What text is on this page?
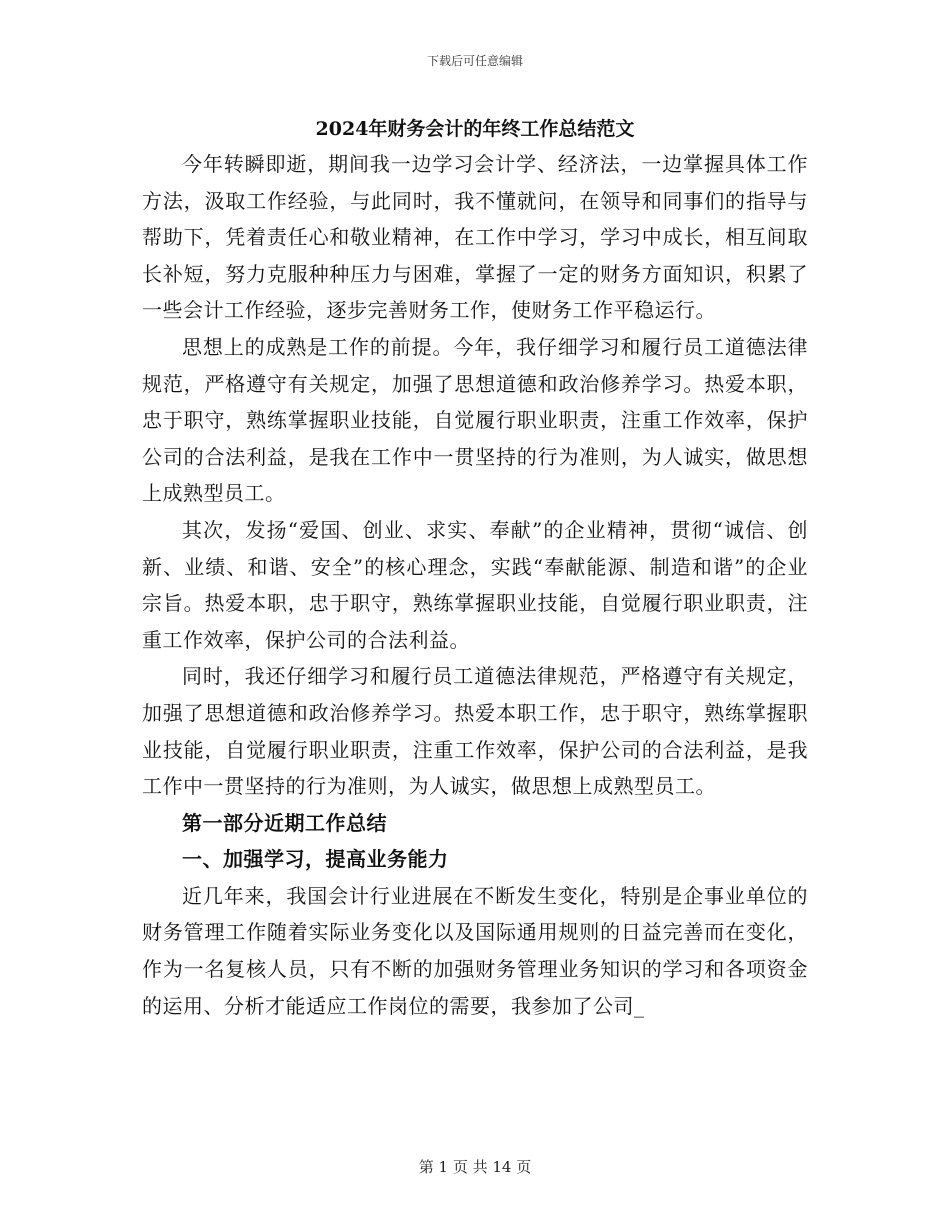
下载后可任意编辑
2024年财务会计的年终工作总结范文

今年转瞬即逝，期间我一边学习会计学、经济法，一边掌握具体工作方法，汲取工作经验，与此同时，我不懂就问，在领导和同事们的指导与帮助下，凭着责任心和敬业精神，在工作中学习，学习中成长，相互间取长补短，努力克服种种压力与困难，掌握了一定的财务方面知识，积累了一些会计工作经验，逐步完善财务工作，使财务工作平稳运行。

思想上的成熟是工作的前提。今年，我仔细学习和履行员工道德法律规范，严格遵守有关规定，加强了思想道德和政治修养学习。热爱本职，忠于职守，熟练掌握职业技能，自觉履行职业职责，注重工作效率，保护公司的合法利益，是我在工作中一贯坚持的行为准则，为人诚实，做思想上成熟型员工。

其次，发扬“爱国、创业、求实、奉献”的企业精神，贯彻“诚信、创新、业绩、和谐、安全”的核心理念，实践“奉献能源、制造和谐”的企业宗旨。热爱本职，忠于职守，熟练掌握职业技能，自觉履行职业职责，注重工作效率，保护公司的合法利益。

同时，我还仔细学习和履行员工道德法律规范，严格遵守有关规定，加强了思想道德和政治修养学习。热爱本职工作，忠于职守，熟练掌握职业技能，自觉履行职业职责，注重工作效率，保护公司的合法利益，是我工作中一贯坚持的行为准则，为人诚实，做思想上成熟型员工。

第一部分近期工作总结

一、加强学习，提高业务能力

近几年来，我国会计行业进展在不断发生变化，特别是企事业单位的财务管理工作随着实际业务变化以及国际通用规则的日益完善而在变化，作为一名复核人员，只有不断的加强财务管理业务知识的学习和各项资金的运用、分析才能适应工作岗位的需要，我参加了公司_

第 1 页 共 14 页
